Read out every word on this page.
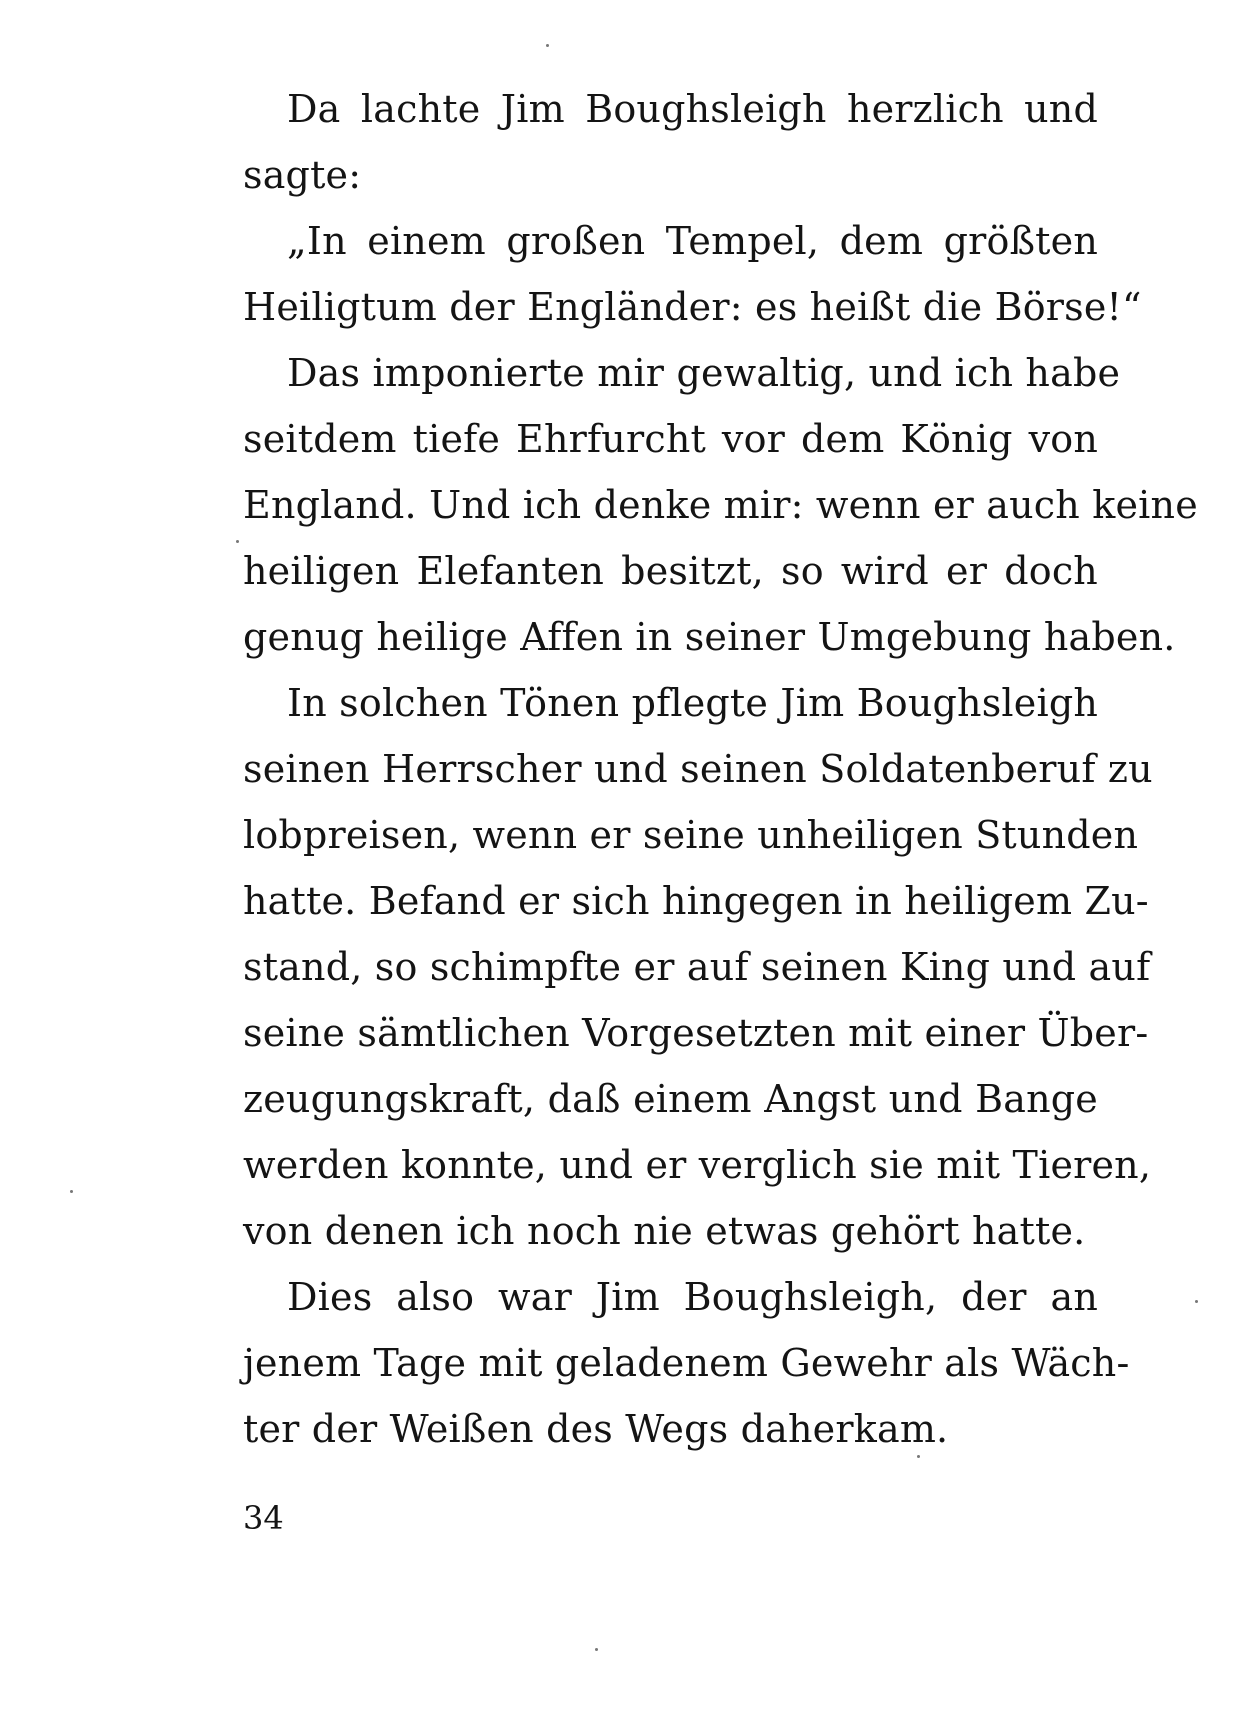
Da lachte Jim Boughsleigh herzlich und
sagte:
„In einem großen Tempel, dem größten
Heiligtum der Engländer: es heißt die Börse!“
Das imponierte mir gewaltig, und ich habe
seitdem tiefe Ehrfurcht vor dem König von
England. Und ich denke mir: wenn er auch keine
heiligen Elefanten besitzt, so wird er doch
genug heilige Affen in seiner Umgebung haben.
In solchen Tönen pflegte Jim Boughsleigh
seinen Herrscher und seinen Soldatenberuf zu
lobpreisen, wenn er seine unheiligen Stunden
hatte. Befand er sich hingegen in heiligem Zu-
stand, so schimpfte er auf seinen King und auf
seine sämtlichen Vorgesetzten mit einer Über-
zeugungskraft, daß einem Angst und Bange
werden konnte, und er verglich sie mit Tieren,
von denen ich noch nie etwas gehört hatte.
Dies also war Jim Boughsleigh, der an
jenem Tage mit geladenem Gewehr als Wäch-
ter der Weißen des Wegs daherkam.
34
